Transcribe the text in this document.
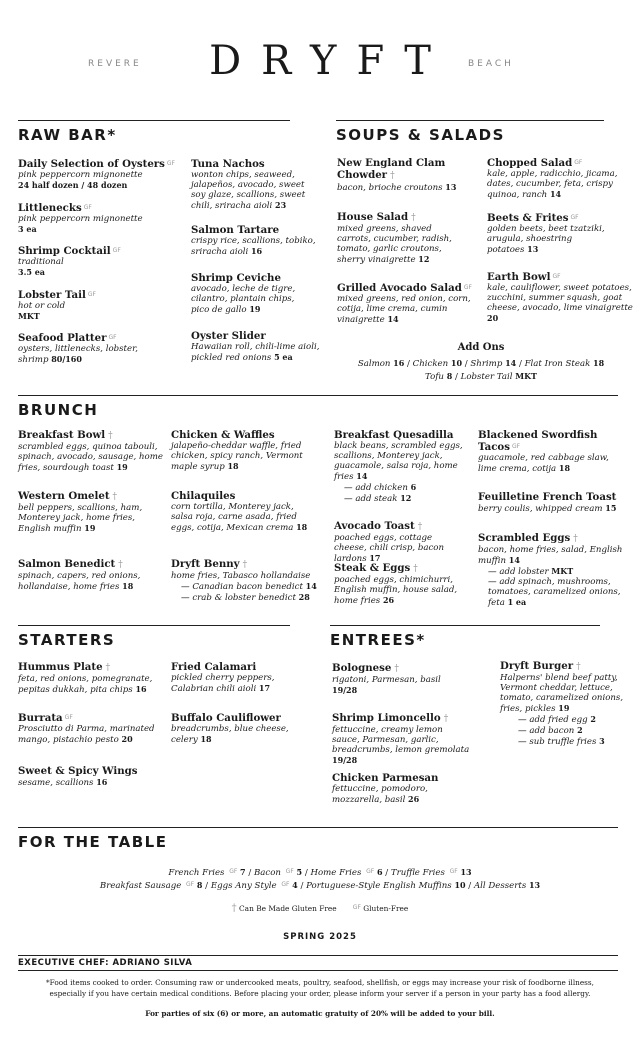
REVERE	DRYFT	BEACH
RAW BAR*
Daily Selection of Oysters GF
pink peppercorn mignonette
24 half dozen / 48 dozen
Littlenecks GF
pink peppercorn mignonette
3 ea
Shrimp Cocktail GF
traditional
3.5 ea
Lobster Tail GF
hot or cold
MKT
Seafood Platter GF
oysters, littlenecks, lobster, shrimp 80/160
Tuna Nachos
wonton chips, seaweed, jalapeños, avocado, sweet soy glaze, scallions, sweet chili, sriracha aioli 23
Salmon Tartare
crispy rice, scallions, tobiko, sriracha aioli 16
Shrimp Ceviche
avocado, leche de tigre, cilantro, plantain chips, pico de gallo 19
Oyster Slider
Hawaiian roll, chili-lime aioli, pickled red onions 5 ea
SOUPS & SALADS
New England Clam Chowder †
bacon, brioche croutons 13
House Salad †
mixed greens, shaved carrots, cucumber, radish, tomato, garlic croutons, sherry vinaigrette 12
Grilled Avocado Salad GF
mixed greens, red onion, corn, cotija, lime crema, cumin vinaigrette 14
Chopped Salad GF
kale, apple, radicchio, jicama, dates, cucumber, feta, crispy quinoa, ranch 14
Beets & Frites GF
golden beets, beet tzatziki, arugula, shoestring potatoes 13
Earth Bowl GF
kale, cauliflower, sweet potatoes, zucchini, summer squash, goat cheese, avocado, lime vinaigrette 20
Add Ons
Salmon 16 / Chicken 10 / Shrimp 14 / Flat Iron Steak 18
Tofu 8 / Lobster Tail MKT
BRUNCH
Breakfast Bowl †
scrambled eggs, quinoa tabouli, spinach, avocado, sausage, home fries, sourdough toast 19
Western Omelet †
bell peppers, scallions, ham, Monterey jack, home fries, English muffin 19
Salmon Benedict †
spinach, capers, red onions, hollandaise, home fries 18
Chicken & Waffles
jalapeño-cheddar waffle, fried chicken, spicy ranch, Vermont maple syrup 18
Chilaquiles
corn tortilla, Monterey jack, salsa roja, carne asada, fried eggs, cotija, Mexican crema 18
Dryft Benny †
home fries, Tabasco hollandaise
— Canadian bacon benedict 14
— crab & lobster benedict 28
Breakfast Quesadilla
black beans, scrambled eggs, scallions, Monterey jack, guacamole, salsa roja, home fries 14
— add chicken 6
— add steak 12
Avocado Toast †
poached eggs, cottage cheese, chili crisp, bacon lardons 17
Steak & Eggs †
poached eggs, chimichurri, English muffin, house salad, home fries 26
Blackened Swordfish Tacos GF
guacamole, red cabbage slaw, lime crema, cotija 18
Feuilletine French Toast
berry coulis, whipped cream 15
Scrambled Eggs †
bacon, home fries, salad, English muffin 14
— add lobster MKT
— add spinach, mushrooms, tomatoes, caramelized onions, feta 1 ea
STARTERS
Hummus Plate †
feta, red onions, pomegranate, pepitas dukkah, pita chips 16
Burrata GF
Prosciutto di Parma, marinated mango, pistachio pesto 20
Sweet & Spicy Wings
sesame, scallions 16
Fried Calamari
pickled cherry peppers, Calabrian chili aioli 17
Buffalo Cauliflower
breadcrumbs, blue cheese, celery 18
ENTREES*
Bolognese †
rigatoni, Parmesan, basil
19/28
Shrimp Limoncello †
fettuccine, creamy lemon sauce, Parmesan, garlic, breadcrumbs, lemon gremolata 19/28
Chicken Parmesan
fettuccine, pomodoro, mozzarella, basil 26
Dryft Burger †
Halperns' blend beef patty, Vermont cheddar, lettuce, tomato, caramelized onions, fries, pickles 19
— add fried egg 2
— add bacon 2
— sub truffle fries 3
FOR THE TABLE
French Fries $^{GF}$ 7 / Bacon $^{GF}$ 5 / Home Fries $^{GF}$ 6 / Truffle Fries $^{GF}$ 13
Breakfast Sausage $^{GF}$ 8 / Eggs Any Style $^{GF}$ 4 / Portuguese-Style English Muffins 10 / All Desserts 13
† Can Be Made Gluten Free	$^{GF}$ Gluten-Free
SPRING 2025
EXECUTIVE CHEF: ADRIANO SILVA
*Food items cooked to order. Consuming raw or undercooked meats, poultry, seafood, shellfish, or eggs may increase your risk of foodborne illness, especially if you have certain medical conditions. Before placing your order, please inform your server if a person in your party has a food allergy.
For parties of six (6) or more, an automatic gratuity of 20% will be added to your bill.
